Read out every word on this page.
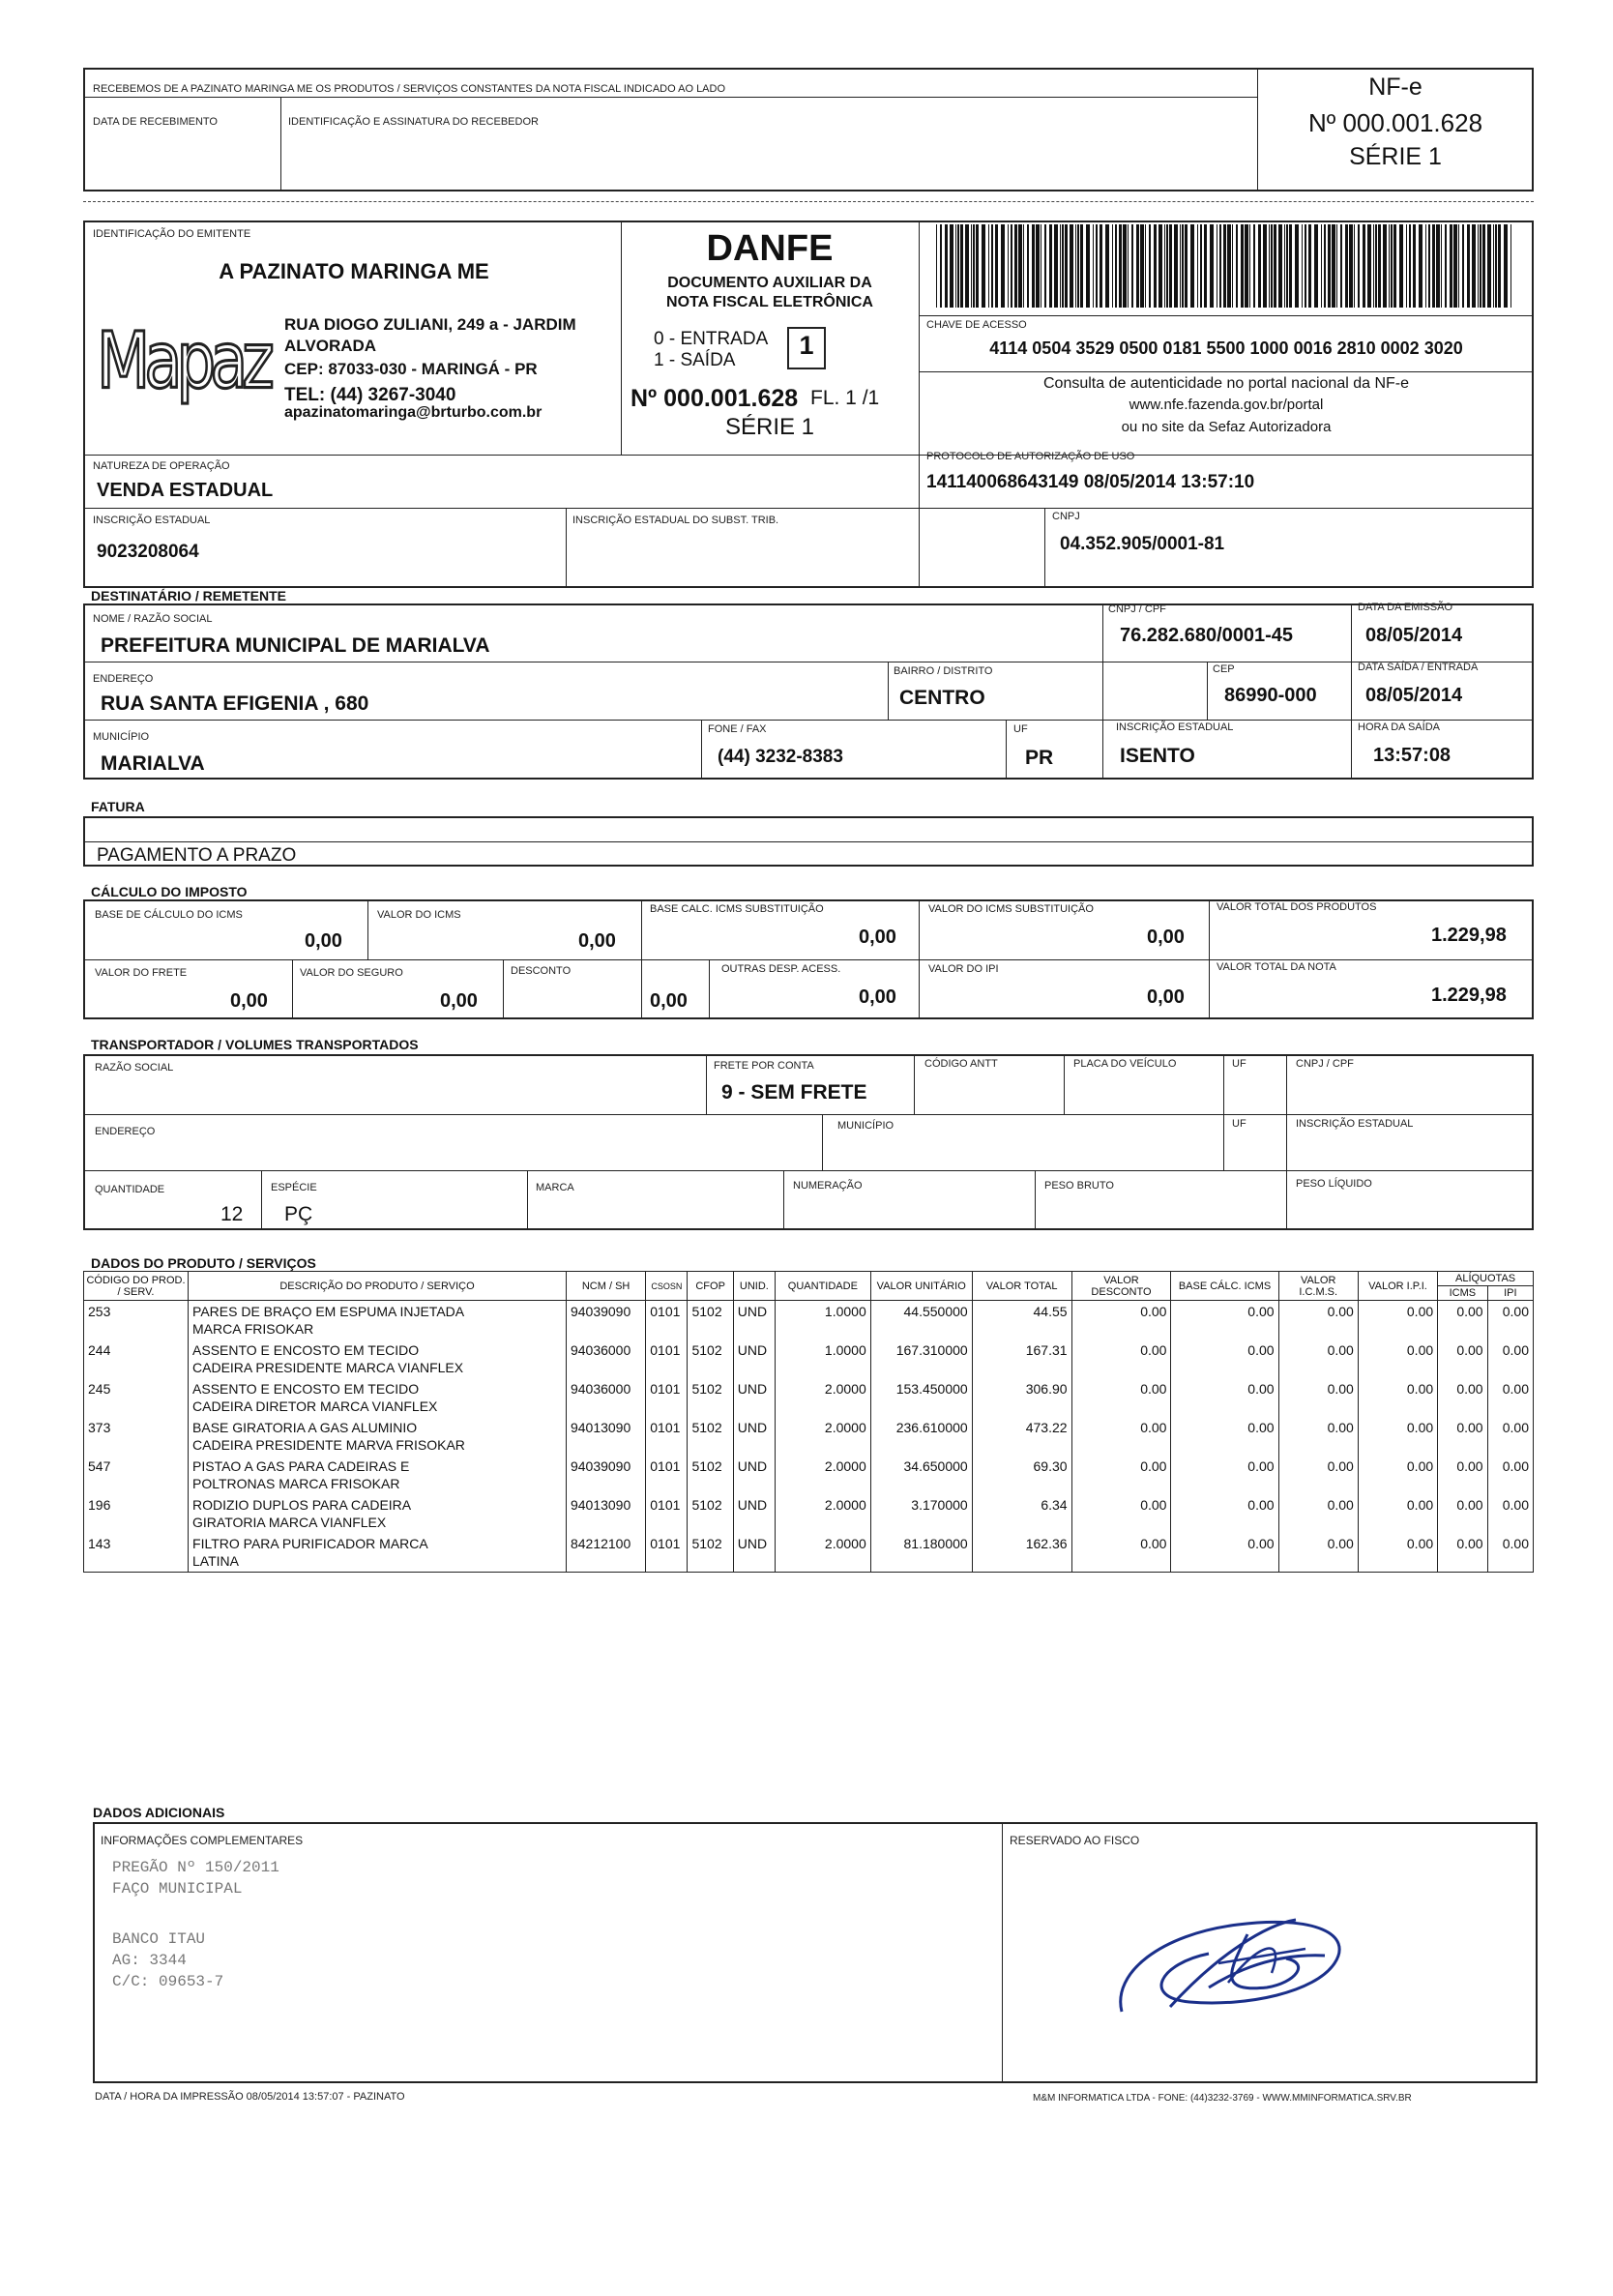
RECEBEMOS DE A PAZINATO MARINGA ME OS PRODUTOS / SERVIÇOS CONSTANTES DA NOTA FISCAL INDICADO AO LADO
DATA DE RECEBIMENTO	IDENTIFICAÇÃO E ASSINATURA DO RECEBEDOR
NF-e
Nº 000.001.628
SÉRIE 1
IDENTIFICAÇÃO DO EMITENTE
A PAZINATO MARINGA ME
Mapaz RUA DIOGO ZULIANI, 249 a - JARDIM
ALVORADA
CEP: 87033-030 - MARINGÁ - PR
TEL: (44) 3267-3040
apazinatomaringa@brturbo.com.br
DANFE
DOCUMENTO AUXILIAR DA
NOTA FISCAL ELETRÔNICA
0 - ENTRADA
1 - SAÍDA
1
Nº 000.001.628 FL. 1 /1
SÉRIE 1
CHAVE DE ACESSO
4114 0504 3529 0500 0181 5500 1000 0016 2810 0002 3020
Consulta de autenticidade no portal nacional da NF-e
www.nfe.fazenda.gov.br/portal
ou no site da Sefaz Autorizadora
NATUREZA DE OPERAÇÃO
VENDA ESTADUAL
PROTOCOLO DE AUTORIZAÇÃO DE USO
141140068643149 08/05/2014 13:57:10
INSCRIÇÃO ESTADUAL
9023208064
INSCRIÇÃO ESTADUAL DO SUBST. TRIB.	CNPJ
04.352.905/0001-81
DESTINATÁRIO / REMETENTE
NOME / RAZÃO SOCIAL
PREFEITURA MUNICIPAL DE MARIALVA
CNPJ / CPF
76.282.680/0001-45
DATA DA EMISSÃO
08/05/2014
ENDEREÇO
RUA SANTA EFIGENIA , 680
BAIRRO / DISTRITO
CENTRO
CEP
86990-000
DATA SAÍDA / ENTRADA
08/05/2014
MUNICÍPIO
MARIALVA
FONE / FAX
(44) 3232-8383
UF
PR
INSCRIÇÃO ESTADUAL
ISENTO
HORA DA SAÍDA
13:57:08
FATURA
PAGAMENTO A PRAZO
CÁLCULO DO IMPOSTO
BASE DE CÁLCULO DO ICMS
0,00
VALOR DO ICMS
0,00
BASE CALC. ICMS SUBSTITUIÇÃO
0,00
VALOR DO ICMS SUBSTITUIÇÃO
0,00
VALOR TOTAL DOS PRODUTOS
1.229,98
VALOR DO FRETE
0,00
VALOR DO SEGURO
0,00
DESCONTO
0,00
OUTRAS DESP. ACESS.
0,00
VALOR DO IPI
0,00
VALOR TOTAL DA NOTA
1.229,98
TRANSPORTADOR / VOLUMES TRANSPORTADOS
RAZÃO SOCIAL	FRETE POR CONTA
9 - SEM FRETE
CÓDIGO ANTT	PLACA DO VEÍCULO	UF	CNPJ / CPF
ENDEREÇO	MUNICÍPIO	UF	INSCRIÇÃO ESTADUAL
QUANTIDADE
12
ESPÉCIE
PÇ
MARCA	NUMERAÇÃO	PESO BRUTO	PESO LÍQUIDO
DADOS DO PRODUTO / SERVIÇOS
CÓDIGO DO PROD. / SERV.	DESCRIÇÃO DO PRODUTO / SERVIÇO	NCM / SH	CSOSN	CFOP	UNID.	QUANTIDADE	VALOR UNITÁRIO	VALOR TOTAL	VALOR DESCONTO	BASE CÁLC. ICMS	VALOR I.C.M.S.	VALOR I.P.I.	ALÍQUOTAS	
													ICMS	IPI
253	PARES DE BRAÇO EM ESPUMA INJETADA
MARCA FRISOKAR	94039090	0101	5102	UND	1.0000	44.550000	44.55	0.00	0.00	0.00	0.00	0.00	0.00
244	ASSENTO E ENCOSTO EM TECIDO
CADEIRA PRESIDENTE MARCA VIANFLEX	94036000	0101	5102	UND	1.0000	167.310000	167.31	0.00	0.00	0.00	0.00	0.00	0.00
245	ASSENTO E ENCOSTO EM TECIDO
CADEIRA DIRETOR MARCA VIANFLEX	94036000	0101	5102	UND	2.0000	153.450000	306.90	0.00	0.00	0.00	0.00	0.00	0.00
373	BASE GIRATORIA A GAS ALUMINIO
CADEIRA PRESIDENTE MARVA FRISOKAR	94013090	0101	5102	UND	2.0000	236.610000	473.22	0.00	0.00	0.00	0.00	0.00	0.00
547	PISTAO A GAS PARA CADEIRAS E
POLTRONAS MARCA FRISOKAR	94039090	0101	5102	UND	2.0000	34.650000	69.30	0.00	0.00	0.00	0.00	0.00	0.00
196	RODIZIO DUPLOS PARA CADEIRA
GIRATORIA MARCA VIANFLEX	94013090	0101	5102	UND	2.0000	3.170000	6.34	0.00	0.00	0.00	0.00	0.00	0.00
143	FILTRO PARA PURIFICADOR MARCA
LATINA	84212100	0101	5102	UND	2.0000	81.180000	162.36	0.00	0.00	0.00	0.00	0.00	0.00
DADOS ADICIONAIS
INFORMAÇÕES COMPLEMENTARES	RESERVADO AO FISCO
PREGÃO Nº 150/2011
FAÇO MUNICIPAL
BANCO ITAU
AG: 3344
C/C: 09653-7
DATA / HORA DA IMPRESSÃO 08/05/2014 13:57:07 - PAZINATO	M&M INFORMATICA LTDA - FONE: (44)3232-3769 - WWW.MMINFORMATICA.SRV.BR
